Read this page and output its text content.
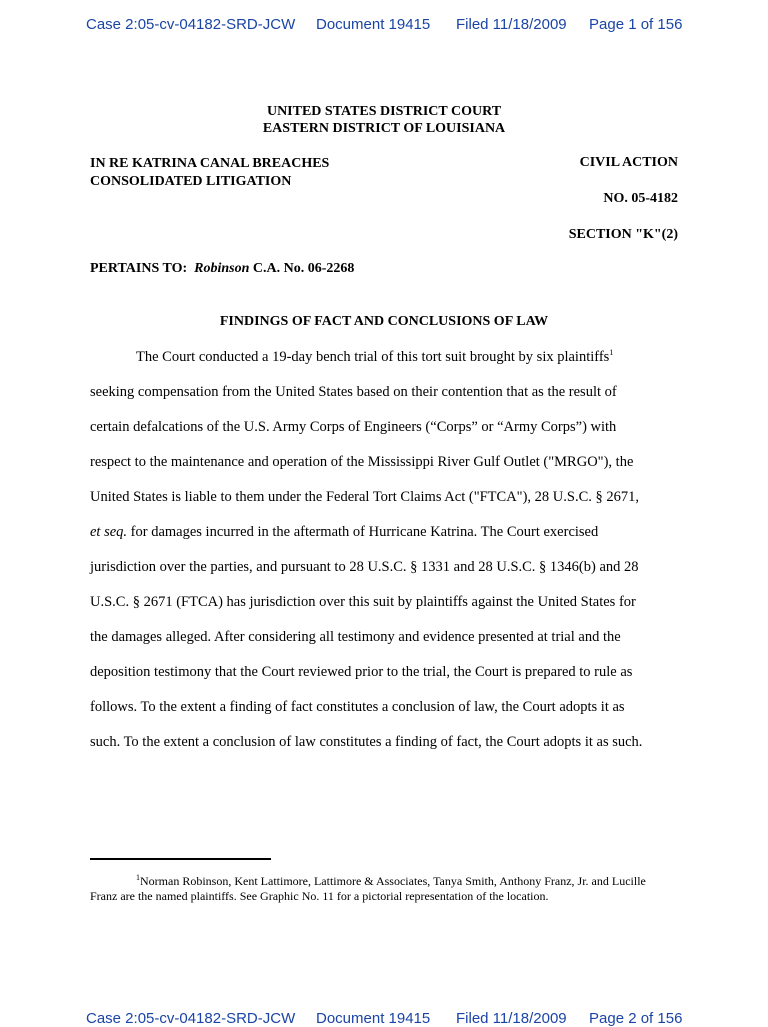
Case 2:05-cv-04182-SRD-JCW Document 19415 Filed 11/18/2009 Page 1 of 156
UNITED STATES DISTRICT COURT
EASTERN DISTRICT OF LOUISIANA
IN RE KATRINA CANAL BREACHES
CONSOLIDATED LITIGATION
CIVIL ACTION
NO. 05-4182
SECTION "K"(2)
PERTAINS TO: Robinson C.A. No. 06-2268
FINDINGS OF FACT AND CONCLUSIONS OF LAW
The Court conducted a 19-day bench trial of this tort suit brought by six plaintiffs$^1$
seeking compensation from the United States based on their contention that as the result of
certain defalcations of the U.S. Army Corps of Engineers (“Corps” or “Army Corps”) with
respect to the maintenance and operation of the Mississippi River Gulf Outlet ("MRGO"), the
United States is liable to them under the Federal Tort Claims Act ("FTCA"), 28 U.S.C. § 2671,
et seq. for damages incurred in the aftermath of Hurricane Katrina. The Court exercised
jurisdiction over the parties, and pursuant to 28 U.S.C. § 1331 and 28 U.S.C. § 1346(b) and 28
U.S.C. § 2671 (FTCA) has jurisdiction over this suit by plaintiffs against the United States for
the damages alleged. After considering all testimony and evidence presented at trial and the
deposition testimony that the Court reviewed prior to the trial, the Court is prepared to rule as
follows. To the extent a finding of fact constitutes a conclusion of law, the Court adopts it as
such. To the extent a conclusion of law constitutes a finding of fact, the Court adopts it as such.
$^1$Norman Robinson, Kent Lattimore, Lattimore & Associates, Tanya Smith, Anthony Franz, Jr. and Lucille
Franz are the named plaintiffs. See Graphic No. 11 for a pictorial representation of the location.
Case 2:05-cv-04182-SRD-JCW Document 19415 Filed 11/18/2009 Page 2 of 156
